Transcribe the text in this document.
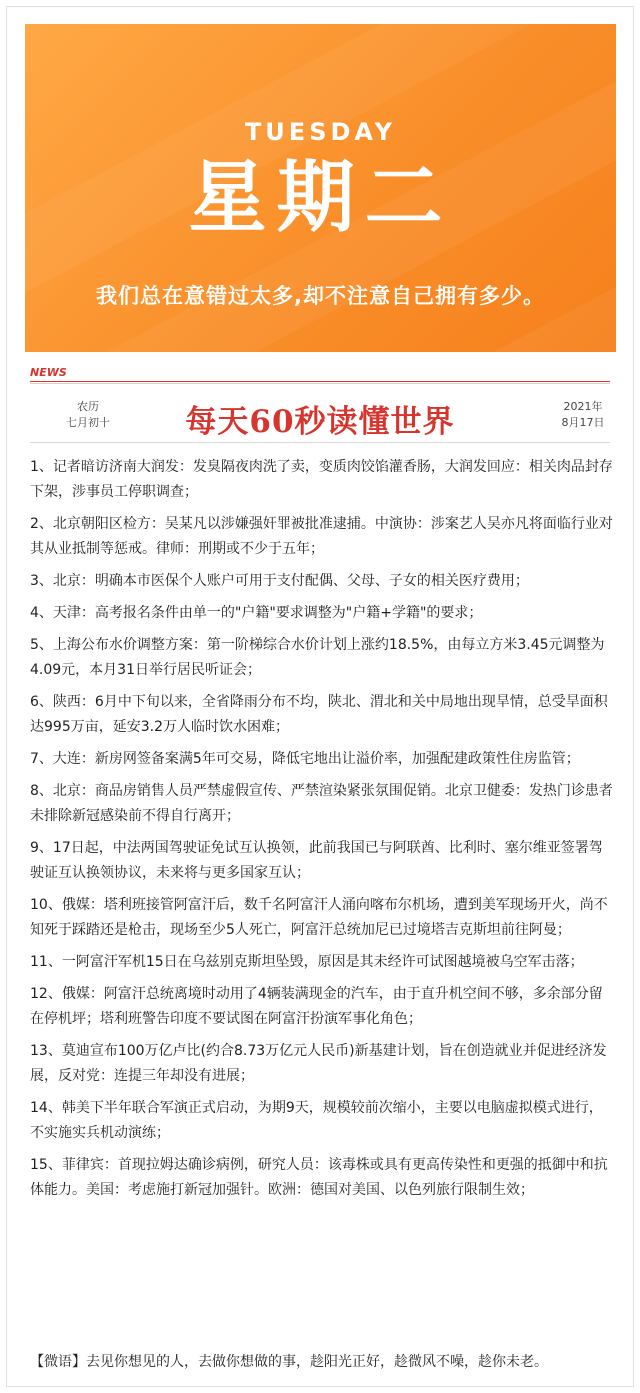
TUESDAY
星期二
我们总在意错过太多,却不注意自己拥有多少。
NEWS
农历
七月初十	每天60秒读懂世界	2021年
8月17日

1、记者暗访济南大润发：发臭隔夜肉洗了卖，变质肉饺馅灌香肠，大润发回应：相关肉品封存下架，涉事员工停职调查；

2、北京朝阳区检方：吴某凡以涉嫌强奸罪被批准逮捕。中演协：涉案艺人吴亦凡将面临行业对其从业抵制等惩戒。律师：刑期或不少于五年；

3、北京：明确本市医保个人账户可用于支付配偶、父母、子女的相关医疗费用；

4、天津：高考报名条件由单一的"户籍"要求调整为"户籍+学籍"的要求；

5、上海公布水价调整方案：第一阶梯综合水价计划上涨约18.5%，由每立方米3.45元调整为4.09元，本月31日举行居民听证会；

6、陕西：6月中下旬以来，全省降雨分布不均，陕北、渭北和关中局地出现旱情，总受旱面积达995万亩，延安3.2万人临时饮水困难；

7、大连：新房网签备案满5年可交易，降低宅地出让溢价率，加强配建政策性住房监管；

8、北京：商品房销售人员严禁虚假宣传、严禁渲染紧张氛围促销。北京卫健委：发热门诊患者未排除新冠感染前不得自行离开；

9、17日起，中法两国驾驶证免试互认换领，此前我国已与阿联酋、比利时、塞尔维亚签署驾驶证互认换领协议，未来将与更多国家互认；

10、俄媒：塔利班接管阿富汗后，数千名阿富汗人涌向喀布尔机场，遭到美军现场开火，尚不知死于踩踏还是枪击，现场至少5人死亡，阿富汗总统加尼已过境塔吉克斯坦前往阿曼；

11、一阿富汗军机15日在乌兹别克斯坦坠毁，原因是其未经许可试图越境被乌空军击落；

12、俄媒：阿富汗总统离境时动用了4辆装满现金的汽车，由于直升机空间不够，多余部分留在停机坪；塔利班警告印度不要试图在阿富汗扮演军事化角色；

13、莫迪宣布100万亿卢比(约合8.73万亿元人民币)新基建计划，旨在创造就业并促进经济发展，反对党：连提三年却没有进展；

14、韩美下半年联合军演正式启动，为期9天，规模较前次缩小，主要以电脑虚拟模式进行，不实施实兵机动演练；

15、菲律宾：首现拉姆达确诊病例，研究人员：该毒株或具有更高传染性和更强的抵御中和抗体能力。美国：考虑施打新冠加强针。欧洲：德国对美国、以色列旅行限制生效；

【微语】去见你想见的人，去做你想做的事，趁阳光正好，趁微风不噪，趁你未老。
